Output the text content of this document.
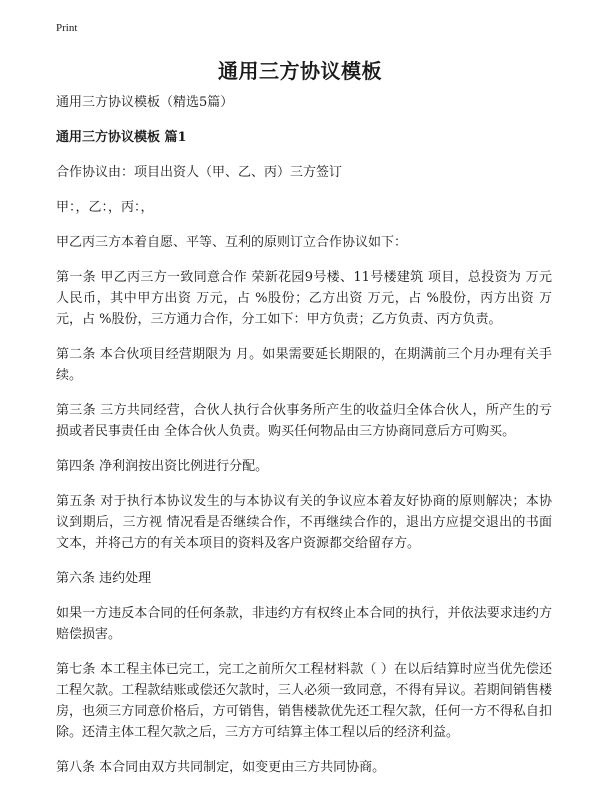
Print
通用三方协议模板

通用三方协议模板（精选5篇）

通用三方协议模板 篇1

合作协议由：项目出资人（甲、乙、丙）三方签订

甲：，乙：，丙：，

甲乙丙三方本着自愿、平等、互利的原则订立合作协议如下：

第一条 甲乙丙三方一致同意合作 荣新花园9号楼、11号楼建筑 项目，总投资为 万元人民币，其中甲方出资 万元，占 %股份；乙方出资 万元，占 %股份，丙方出资 万元，占 %股份，三方通力合作，分工如下：甲方负责；乙方负责、丙方负责。

第二条 本合伙项目经营期限为 月。如果需要延长期限的，在期满前三个月办理有关手续。

第三条 三方共同经营，合伙人执行合伙事务所产生的收益归全体合伙人，所产生的亏损或者民事责任由 全体合伙人负责。购买任何物品由三方协商同意后方可购买。

第四条 净利润按出资比例进行分配。

第五条 对于执行本协议发生的与本协议有关的争议应本着友好协商的原则解决；本协议到期后，三方视 情况看是否继续合作，不再继续合作的，退出方应提交退出的书面文本，并将己方的有关本项目的资料及客户资源都交给留存方。

第六条 违约处理

如果一方违反本合同的任何条款，非违约方有权终止本合同的执行，并依法要求违约方赔偿损害。

第七条 本工程主体已完工，完工之前所欠工程材料款（ ）在以后结算时应当优先偿还工程欠款。工程款结账或偿还欠款时，三人必须一致同意，不得有异议。若期间销售楼房，也须三方同意价格后，方可销售，销售楼款优先还工程欠款，任何一方不得私自扣除。还清主体工程欠款之后，三方方可结算主体工程以后的经济利益。

第八条 本合同由双方共同制定，如变更由三方共同协商。
